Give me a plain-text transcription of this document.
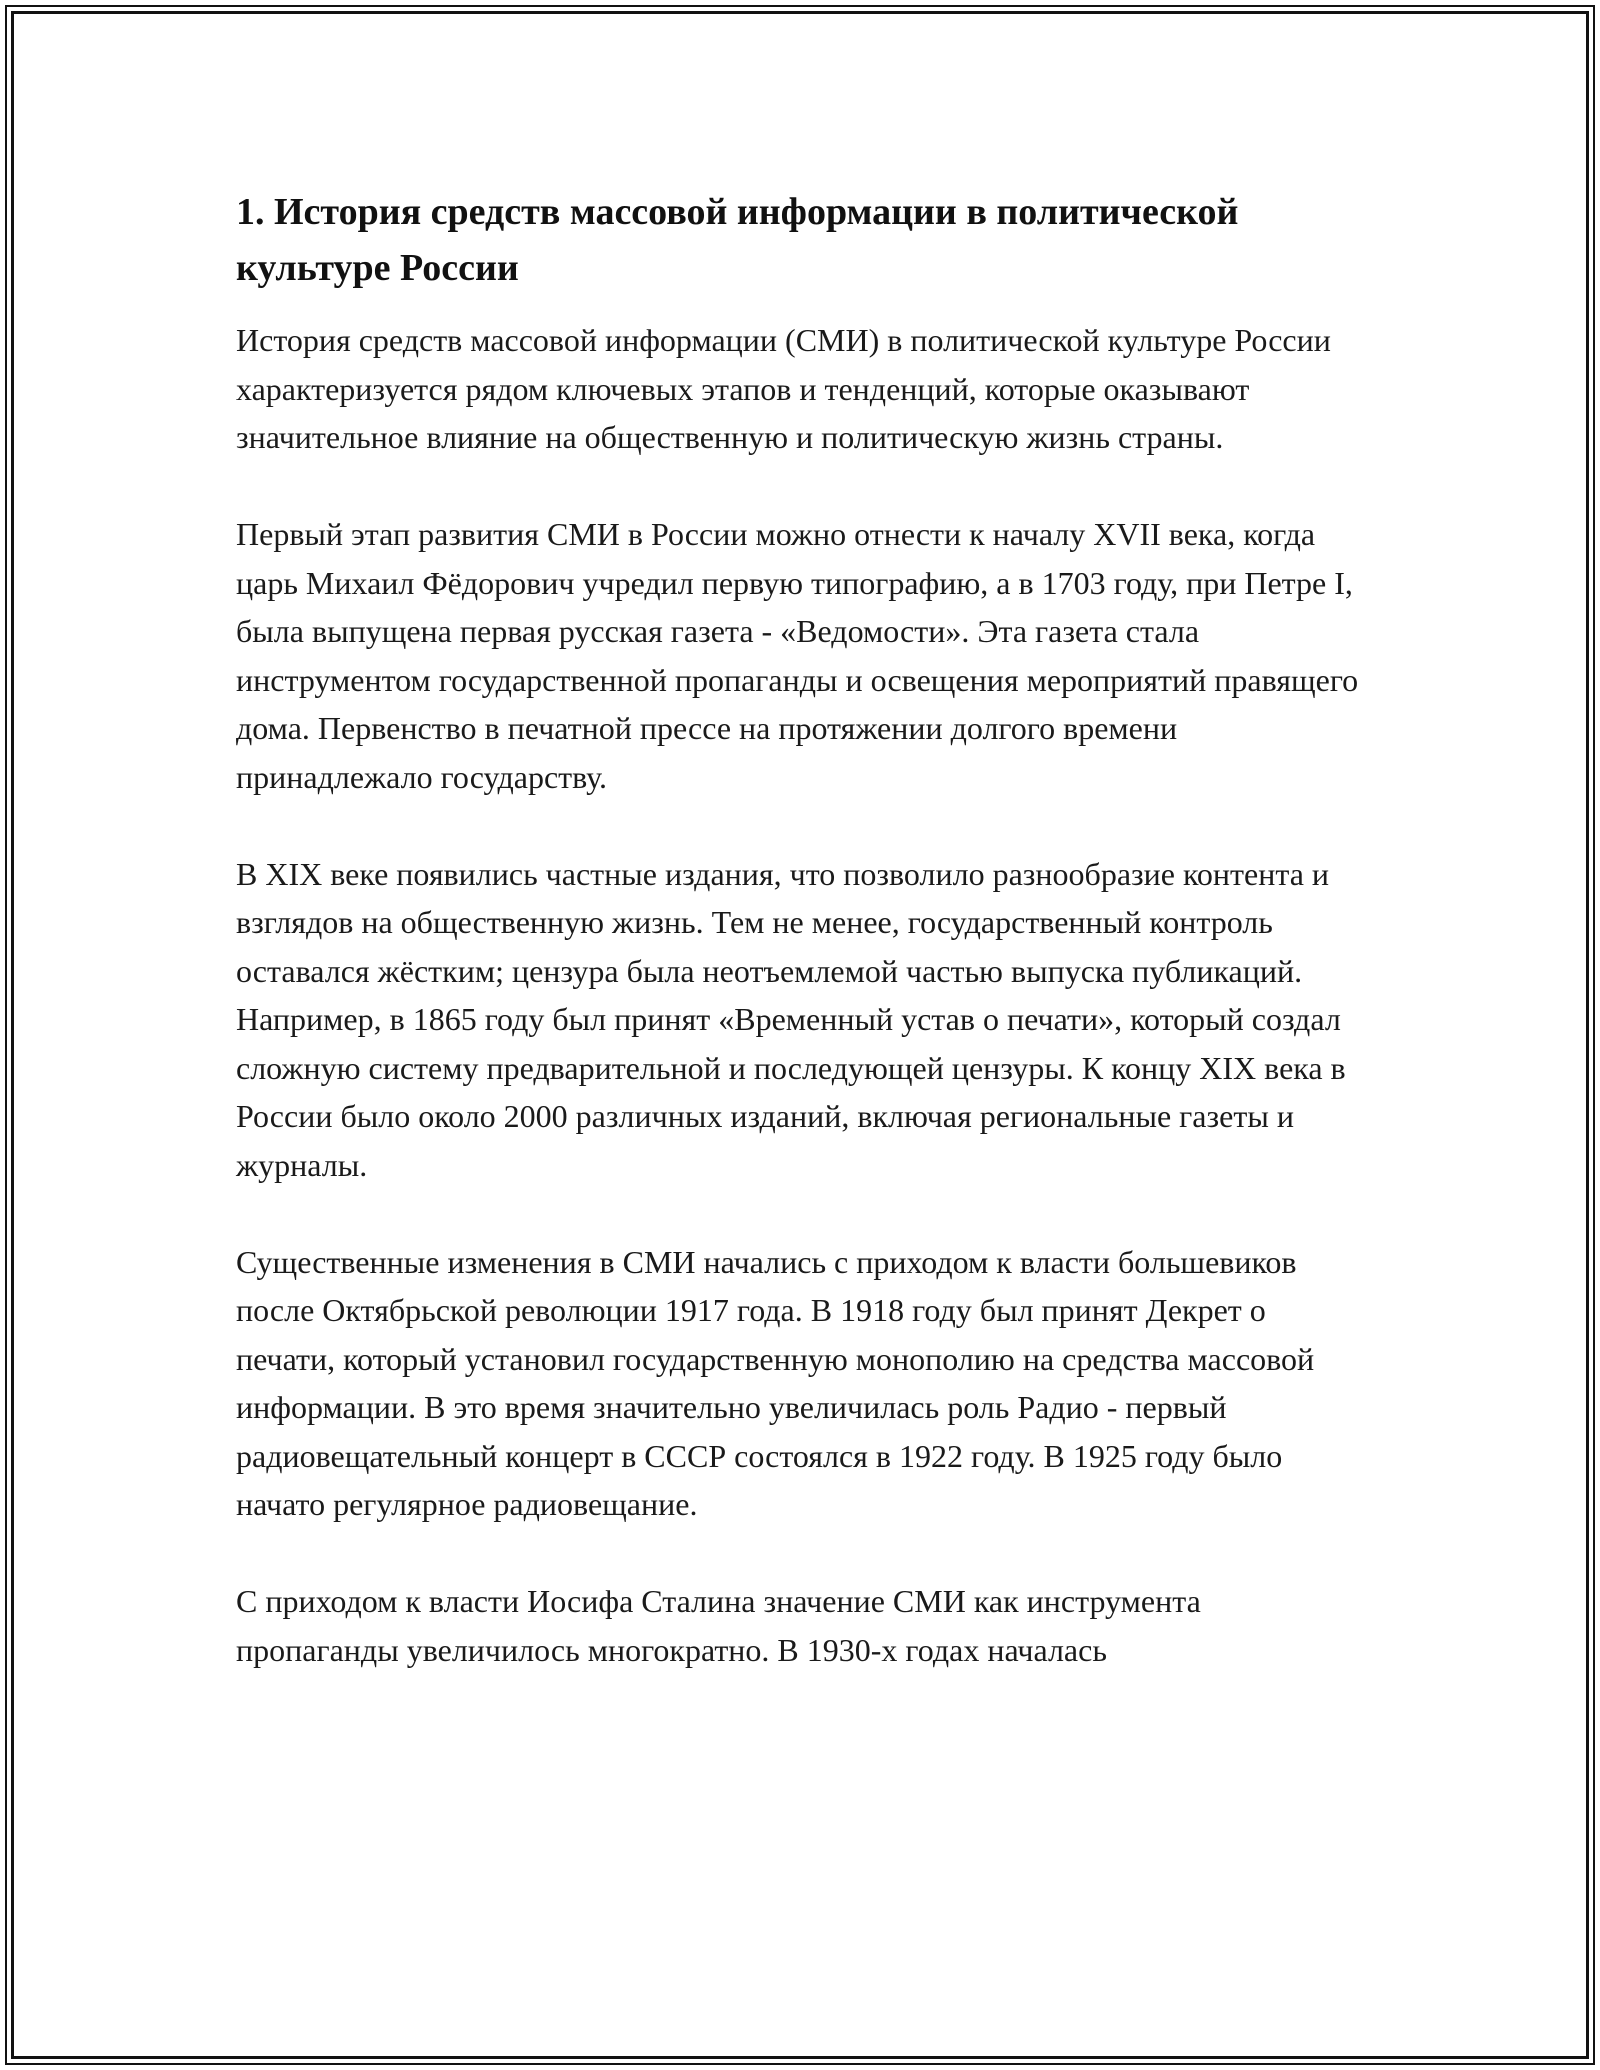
1. История средств массовой информации в политической культуре России

История средств массовой информации (СМИ) в политической культуре России характеризуется рядом ключевых этапов и тенденций, которые оказывают значительное влияние на общественную и политическую жизнь страны.

Первый этап развития СМИ в России можно отнести к началу XVII века, когда царь Михаил Фёдорович учредил первую типографию, а в 1703 году, при Петре I, была выпущена первая русская газета - «Ведомости». Эта газета стала инструментом государственной пропаганды и освещения мероприятий правящего дома. Первенство в печатной прессе на протяжении долгого времени принадлежало государству.

В XIX веке появились частные издания, что позволило разнообразие контента и взглядов на общественную жизнь. Тем не менее, государственный контроль оставался жёстким; цензура была неотъемлемой частью выпуска публикаций. Например, в 1865 году был принят «Временный устав о печати», который создал сложную систему предварительной и последующей цензуры. К концу XIX века в России было около 2000 различных изданий, включая региональные газеты и журналы.

Существенные изменения в СМИ начались с приходом к власти большевиков после Октябрьской революции 1917 года. В 1918 году был принят Декрет о печати, который установил государственную монополию на средства массовой информации. В это время значительно увеличилась роль Радио - первый радиовещательный концерт в СССР состоялся в 1922 году. В 1925 году было начато регулярное радиовещание.

С приходом к власти Иосифа Сталина значение СМИ как инструмента пропаганды увеличилось многократно. В 1930-х годах началась
